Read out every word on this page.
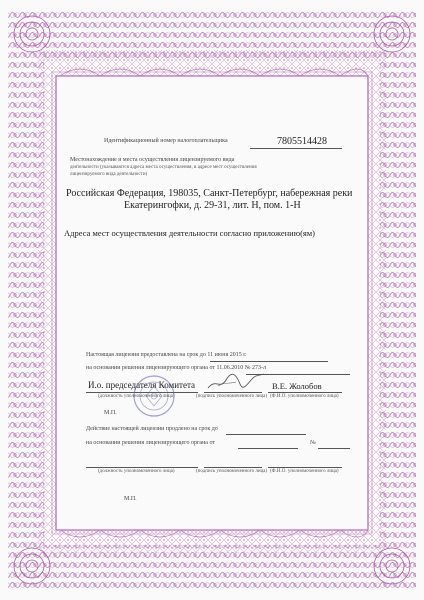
Идентификационный номер налогоплательщика	7805514428
Местонахождение и места осуществления лицензируемого вида
деятельности (указываются адреса места осуществления, в адресе мест осуществления
лицензируемого вида деятельности)
Российская Федерация, 198035, Санкт-Петербург, набережная реки
Екатерингофки, д. 29-31, лит. Н, пом. 1-Н
Адреса мест осуществления деятельности согласно приложению(ям)
Настоящая лицензия предоставлена на срок до 11 июня 2015 г.
на основании решения лицензирующего органа от 11.06.2010 № 273-л
И.о. председателя Комитета	В.Е. Жолобов
(должность уполномоченного лица)	(подпись уполномоченного лица) (Ф.И.О. уполномоченного лица)
М.П.
Действие настоящей лицензии продлено на срок до
на основании решения лицензирующего органа от	№
(должность уполномоченного лица)	(подпись уполномоченного лица) (Ф.И.О. уполномоченного лица)
М.П.
